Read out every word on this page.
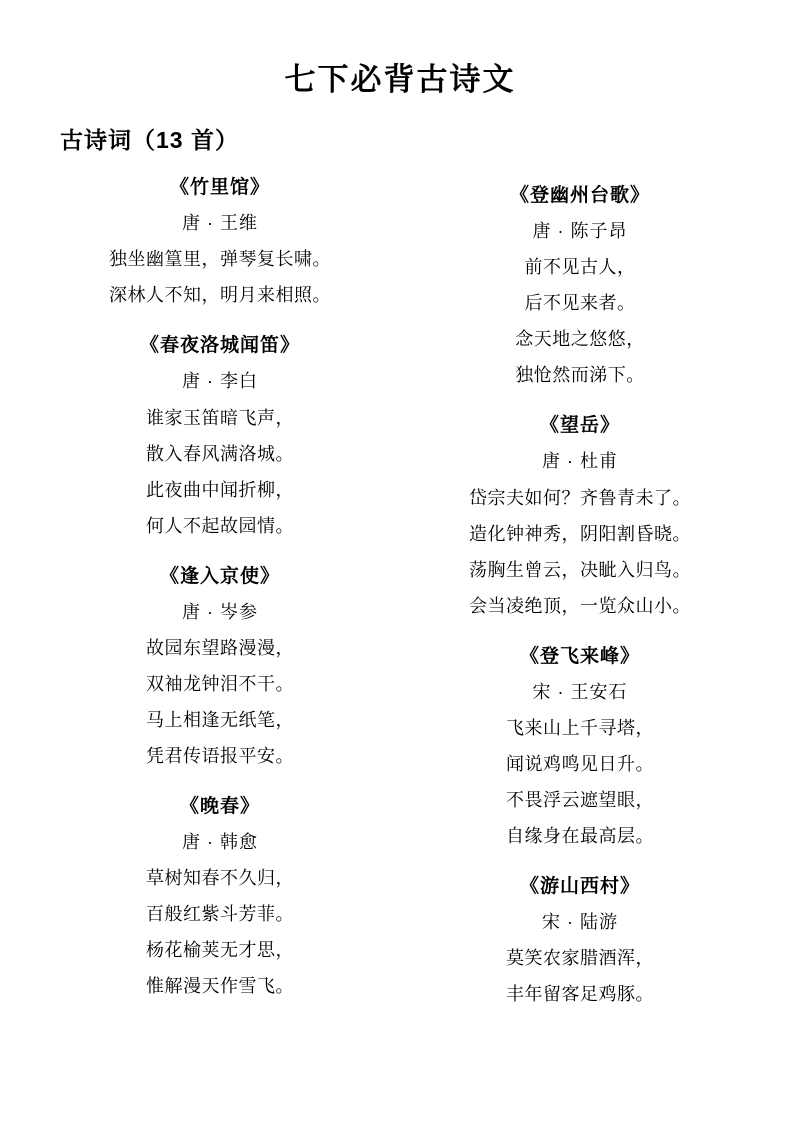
七下必背古诗文
古诗词（13 首）
《竹里馆》
唐 · 王维
独坐幽篁里，弹琴复长啸。
深林人不知，明月来相照。
《春夜洛城闻笛》
唐 · 李白
谁家玉笛暗飞声，
散入春风满洛城。
此夜曲中闻折柳，
何人不起故园情。
《逢入京使》
唐 · 岑参
故园东望路漫漫，
双袖龙钟泪不干。
马上相逢无纸笔，
凭君传语报平安。
《晚春》
唐 · 韩愈
草树知春不久归，
百般红紫斗芳菲。
杨花榆荚无才思，
惟解漫天作雪飞。
《登幽州台歌》
唐 · 陈子昂
前不见古人，
后不见来者。
念天地之悠悠，
独怆然而涕下。
《望岳》
唐 · 杜甫
岱宗夫如何？齐鲁青未了。
造化钟神秀，阴阳割昏晓。
荡胸生曾云，决眦入归鸟。
会当凌绝顶，一览众山小。
《登飞来峰》
宋 · 王安石
飞来山上千寻塔，
闻说鸡鸣见日升。
不畏浮云遮望眼，
自缘身在最高层。
《游山西村》
宋 · 陆游
莫笑农家腊酒浑，
丰年留客足鸡豚。
